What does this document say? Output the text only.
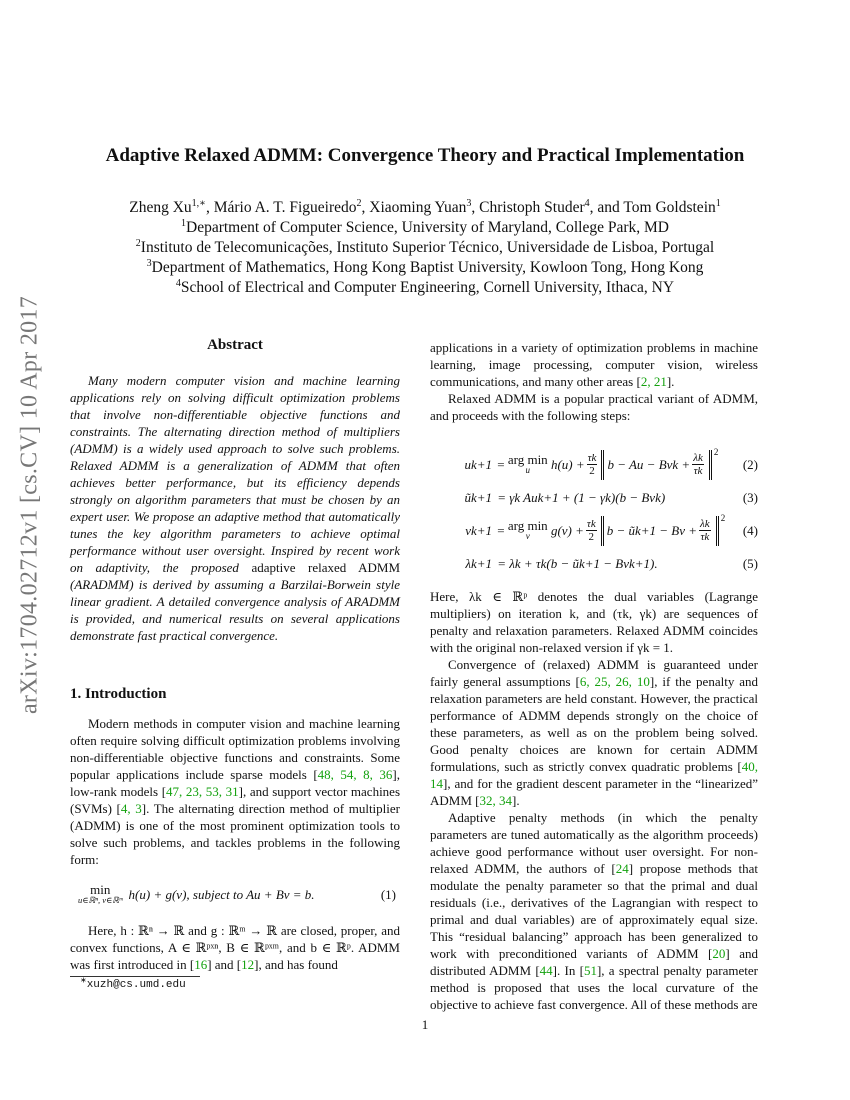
arXiv:1704.02712v1 [cs.CV] 10 Apr 2017
Adaptive Relaxed ADMM: Convergence Theory and Practical Implementation
Zheng $Xu^{1,∗}$, Mário A. T. Figueiredo$^2$, Xiaoming Yuan$^3$, Christoph Studer$^4$, and Tom Goldstein$^1$
$^1$Department of Computer Science, University of Maryland, College Park, MD
$^2$Instituto de Telecomunicações, Instituto Superior Técnico, Universidade de Lisboa, Portugal
$^3$Department of Mathematics, Hong Kong Baptist University, Kowloon Tong, Hong Kong
$^4$School of Electrical and Computer Engineering, Cornell University, Ithaca, NY
Abstract
Many modern computer vision and machine learning applications rely on solving difficult optimization problems that involve non-differentiable objective functions and constraints. The alternating direction method of multipliers (ADMM) is a widely used approach to solve such problems. Relaxed ADMM is a generalization of ADMM that often achieves better performance, but its efficiency depends strongly on algorithm parameters that must be chosen by an expert user. We propose an adaptive method that automatically tunes the key algorithm parameters to achieve optimal performance without user oversight. Inspired by recent work on adaptivity, the proposed adaptive relaxed ADMM (ARADMM) is derived by assuming a Barzilai-Borwein style linear gradient. A detailed convergence analysis of ARADMM is provided, and numerical results on several applications demonstrate fast practical convergence.
1. Introduction

Modern methods in computer vision and machine learning often require solving difficult optimization problems involving non-differentiable objective functions and constraints. Some popular applications include sparse models [48, 54, 8, 36], low-rank models [47, 23, 53, 31], and support vector machines (SVMs) [4, 3]. The alternating direction method of multiplier (ADMM) is one of the most prominent optimization tools to solve such problems, and tackles problems in the following form:

min
u∈ℝⁿ, v∈ℝᵐ h(u) + g(v), subject to Au + Bv = b.	(1)

Here, h : ℝⁿ → ℝ and g : ℝᵐ → ℝ are closed, proper, and convex functions, A ∈ ℝᵖˣⁿ, B ∈ ℝᵖˣᵐ, and b ∈ ℝᵖ. ADMM was first introduced in [16] and [12], and has found

∗xuzh@cs.umd.edu

applications in a variety of optimization problems in machine learning, image processing, computer vision, wireless communications, and many other areas [2, 21].

Relaxed ADMM is a popular practical variant of ADMM, and proceeds with the following steps:

uk+1
=
arg min
u
$h(u) + \frac{\tau k}{2}$ b − Au − Bvk + $\frac{\lambda k}{\tau k} 2$
(2)
ũk+1
= γk Auk+1 + (1 − γk)(b − Bvk)	(3)
vk+1
=
arg min
v
$g(v) + \frac{\tau k}{2}$ b − ũk+1 − $Bv + \frac{\lambda k}{\tau k} 2$
(4)
λk+1
= λk + τk(b − ũk+1 − Bvk+1).	(5)

Here, λk ∈ ℝᵖ denotes the dual variables (Lagrange multipliers) on iteration k, and (τk, γk) are sequences of penalty and relaxation parameters. Relaxed ADMM coincides with the original non-relaxed version if γk = 1.

Convergence of (relaxed) ADMM is guaranteed under fairly general assumptions [6, 25, 26, 10], if the penalty and relaxation parameters are held constant. However, the practical performance of ADMM depends strongly on the choice of these parameters, as well as on the problem being solved. Good penalty choices are known for certain ADMM formulations, such as strictly convex quadratic problems [40, 14], and for the gradient descent parameter in the “linearized” ADMM [32, 34].

Adaptive penalty methods (in which the penalty parameters are tuned automatically as the algorithm proceeds) achieve good performance without user oversight. For non-relaxed ADMM, the authors of [24] propose methods that modulate the penalty parameter so that the primal and dual residuals (i.e., derivatives of the Lagrangian with respect to primal and dual variables) are of approximately equal size. This “residual balancing” approach has been generalized to work with preconditioned variants of ADMM [20] and distributed ADMM [44]. In [51], a spectral penalty parameter method is proposed that uses the local curvature of the objective to achieve fast convergence. All of these methods are

1
